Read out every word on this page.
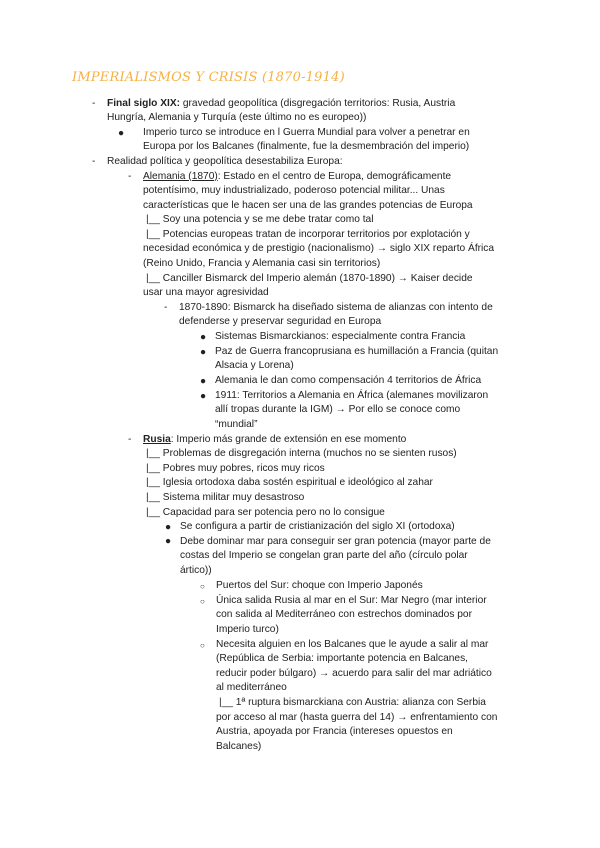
IMPERIALISMOS Y CRISIS (1870-1914)
-
●
-
-
-
●
●
●
●
-
●
●
○
○
○
Final siglo XIX: gravedad geopolítica (disgregación territorios: Rusia, Austria
Hungría, Alemania y Turquía (este último no es europeo))
Imperio turco se introduce en l Guerra Mundial para volver a penetrar en
Europa por los Balcanes (finalmente, fue la desmembración del imperio)
Realidad política y geopolítica desestabiliza Europa:
Alemania (1870): Estado en el centro de Europa, demográficamente
potentísimo, muy industrializado, poderoso potencial militar... Unas
características que le hacen ser una de las grandes potencias de Europa
|__ Soy una potencia y se me debe tratar como tal
|__ Potencias europeas tratan de incorporar territorios por explotación y
necesidad económica y de prestigio (nacionalismo) → siglo XIX reparto África
(Reino Unido, Francia y Alemania casi sin territorios)
|__ Canciller Bismarck del Imperio alemán (1870-1890) → Kaiser decide
usar una mayor agresividad
1870-1890: Bismarck ha diseñado sistema de alianzas con intento de
defenderse y preservar seguridad en Europa
Sistemas Bismarckianos: especialmente contra Francia
Paz de Guerra francoprusiana es humillación a Francia (quitan
Alsacia y Lorena)
Alemania le dan como compensación 4 territorios de África
1911: Territorios a Alemania en África (alemanes movilizaron
allí tropas durante la IGM) → Por ello se conoce como
“mundial”
Rusia: Imperio más grande de extensión en ese momento
|__ Problemas de disgregación interna (muchos no se sienten rusos)
|__ Pobres muy pobres, ricos muy ricos
|__ Iglesia ortodoxa daba sostén espiritual e ideológico al zahar
|__ Sistema militar muy desastroso
|__ Capacidad para ser potencia pero no lo consigue
Se configura a partir de cristianización del siglo XI (ortodoxa)
Debe dominar mar para conseguir ser gran potencia (mayor parte de
costas del Imperio se congelan gran parte del año (círculo polar
ártico))
Puertos del Sur: choque con Imperio Japonés
Única salida Rusia al mar en el Sur: Mar Negro (mar interior
con salida al Mediterráneo con estrechos dominados por
Imperio turco)
Necesita alguien en los Balcanes que le ayude a salir al mar
(República de Serbia: importante potencia en Balcanes,
reducir poder búlgaro) → acuerdo para salir del mar adriático
al mediterráneo
|__ 1ª ruptura bismarckiana con Austria: alianza con Serbia
por acceso al mar (hasta guerra del 14) → enfrentamiento con
Austria, apoyada por Francia (intereses opuestos en
Balcanes)
